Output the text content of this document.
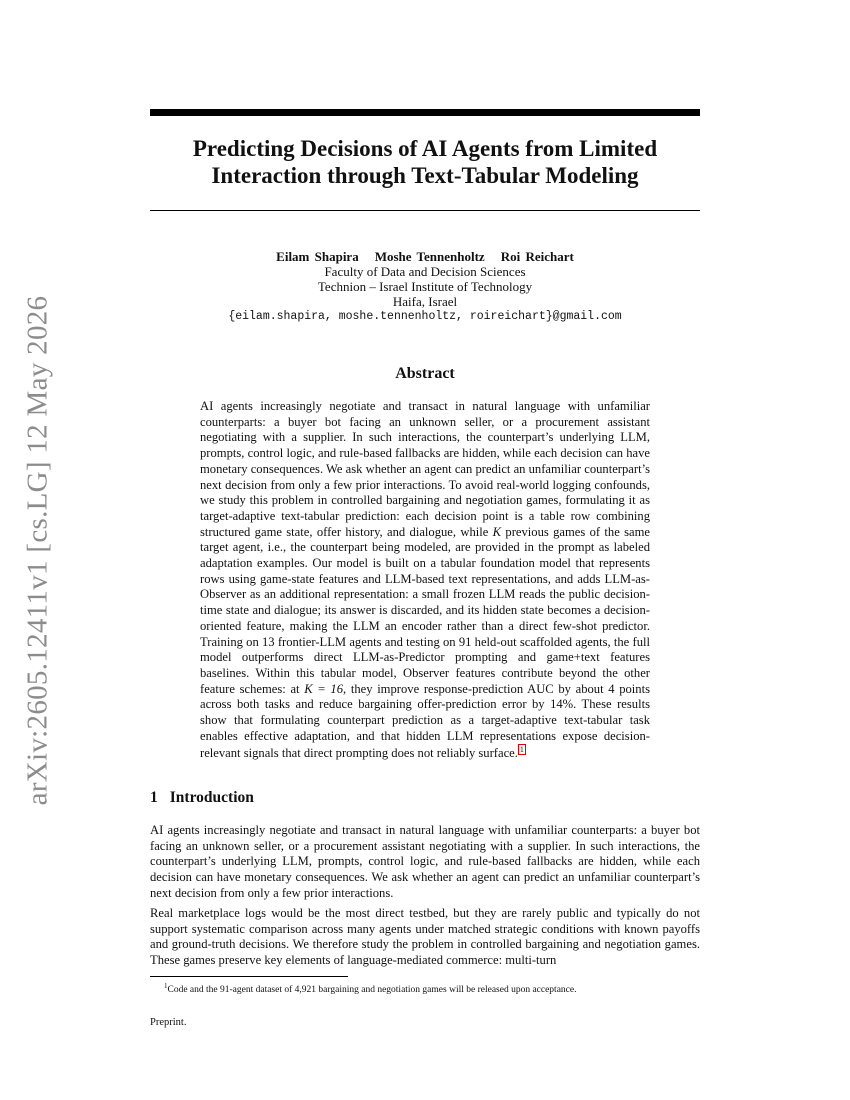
arXiv:2605.12411v1 [cs.LG] 12 May 2026
Predicting Decisions of AI Agents from Limited Interaction through Text-Tabular Modeling
Eilam Shapira Moshe Tennenholtz Roi Reichart
Faculty of Data and Decision Sciences
Technion – Israel Institute of Technology
Haifa, Israel
{eilam.shapira, moshe.tennenholtz, roireichart}@gmail.com
Abstract

AI agents increasingly negotiate and transact in natural language with unfamiliar counterparts: a buyer bot facing an unknown seller, or a procurement assistant negotiating with a supplier. In such interactions, the counterpart’s underlying LLM, prompts, control logic, and rule-based fallbacks are hidden, while each decision can have monetary consequences. We ask whether an agent can predict an unfamiliar counterpart’s next decision from only a few prior interactions. To avoid real-world logging confounds, we study this problem in controlled bargaining and negotiation games, formulating it as target-adaptive text-tabular prediction: each decision point is a table row combining structured game state, offer history, and dialogue, while K previous games of the same target agent, i.e., the counterpart being modeled, are provided in the prompt as labeled adaptation examples. Our model is built on a tabular foundation model that represents rows using game-state features and LLM-based text representations, and adds LLM-as-Observer as an additional representation: a small frozen LLM reads the public decision-time state and dialogue; its answer is discarded, and its hidden state becomes a decision-oriented feature, making the LLM an encoder rather than a direct few-shot predictor. Training on 13 frontier-LLM agents and testing on 91 held-out scaffolded agents, the full model outperforms direct LLM-as-Predictor prompting and game+text features baselines. Within this tabular model, Observer features contribute beyond the other feature schemes: at K = 16, they improve response-prediction AUC by about 4 points across both tasks and reduce bargaining offer-prediction error by 14%. These results show that formulating counterpart prediction as a target-adaptive text-tabular task enables effective adaptation, and that hidden LLM representations expose decision-relevant signals that direct prompting does not reliably surface. 1

1 Introduction

AI agents increasingly negotiate and transact in natural language with unfamiliar counterparts: a buyer bot facing an unknown seller, or a procurement assistant negotiating with a supplier. In such interactions, the counterpart’s underlying LLM, prompts, control logic, and rule-based fallbacks are hidden, while each decision can have monetary consequences. We ask whether an agent can predict an unfamiliar counterpart’s next decision from only a few prior interactions.

Real marketplace logs would be the most direct testbed, but they are rarely public and typically do not support systematic comparison across many agents under matched strategic conditions with known payoffs and ground-truth decisions. We therefore study the problem in controlled bargaining and negotiation games. These games preserve key elements of language-mediated commerce: multi-turn

$^1$Code and the 91-agent dataset of 4,921 bargaining and negotiation games will be released upon acceptance.

Preprint.
